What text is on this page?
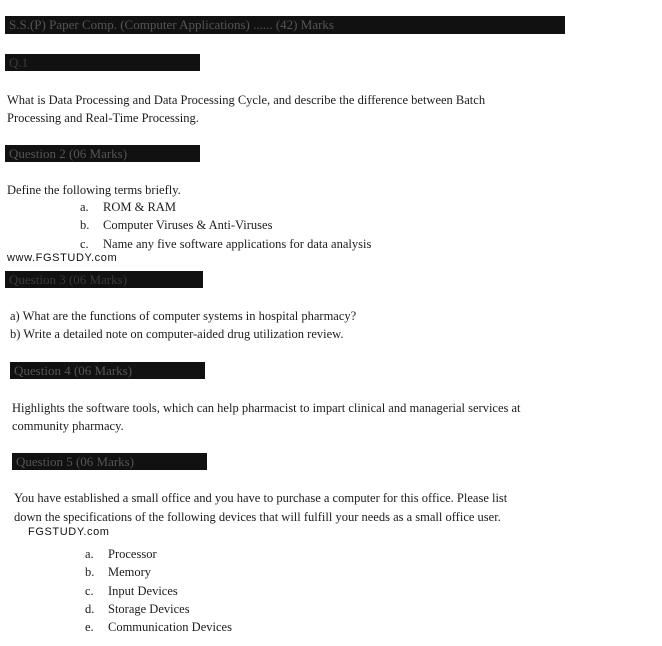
S.S.(P) Paper Comp. (Computer Applications) ...... (42) Marks
Q.1
What is Data Processing and Data Processing Cycle, and describe the difference between Batch
Processing and Real-Time Processing.
Question 2 (06 Marks)
Define the following terms briefly.
a.	ROM & RAM
b.	Computer Viruses & Anti-Viruses
c.	Name any five software applications for data analysis
www.FGSTUDY.com
Question 3 (06 Marks)
a) What are the functions of computer systems in hospital pharmacy?
b) Write a detailed note on computer-aided drug utilization review.
Question 4 (06 Marks)
Highlights the software tools, which can help pharmacist to impart clinical and managerial services at
community pharmacy.
Question 5 (06 Marks)
You have established a small office and you have to purchase a computer for this office. Please list
down the specifications of the following devices that will fulfill your needs as a small office user.
FGSTUDY.com
a.	Processor
b.	Memory
c.	Input Devices
d.	Storage Devices
e.	Communication Devices
